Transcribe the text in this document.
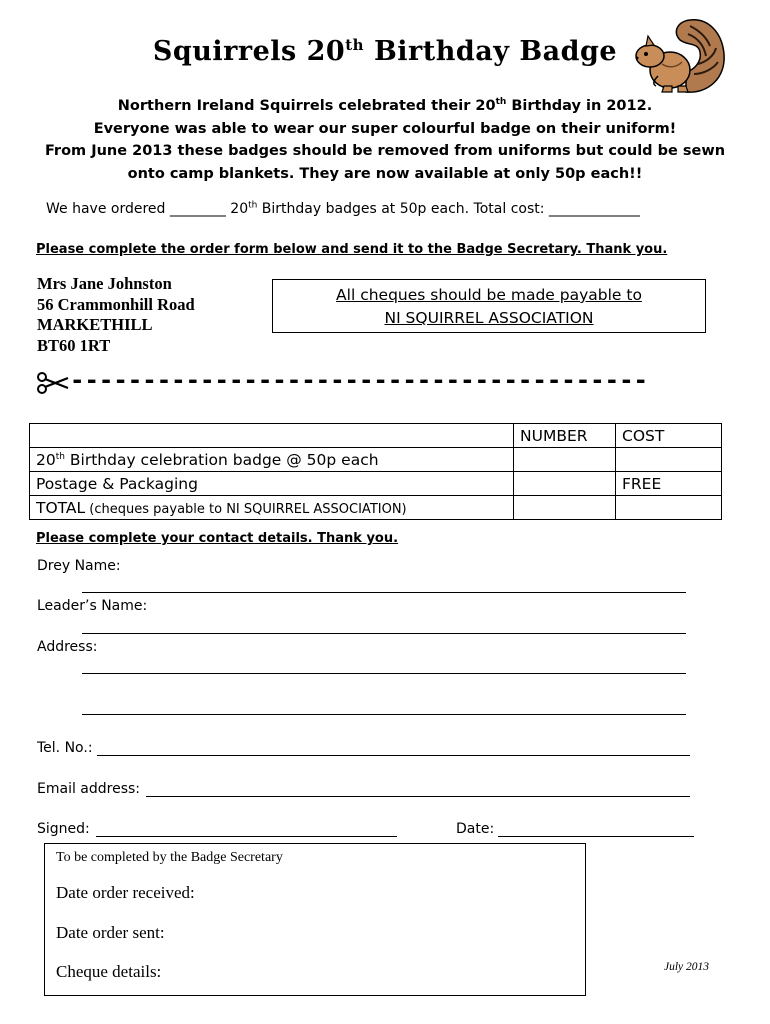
Squirrels 20th Birthday Badge
Northern Ireland Squirrels celebrated their 20th Birthday in 2012.
Everyone was able to wear our super colourful badge on their uniform!
From June 2013 these badges should be removed from uniforms but could be sewn
onto camp blankets. They are now available at only 50p each!!
We have ordered ________ 20th Birthday badges at 50p each. Total cost: _____________
Please complete the order form below and send it to the Badge Secretary. Thank you.
Mrs Jane Johnston
56 Crammonhill Road
MARKETHILL
BT60 1RT
All cheques should be made payable to
NI SQUIRREL ASSOCIATION
----------------------------------------
	NUMBER	COST
20th Birthday celebration badge @ 50p each		
Postage & Packaging		FREE
TOTAL (cheques payable to NI SQUIRREL ASSOCIATION)		
Please complete your contact details. Thank you.
Drey Name:
Leader’s Name:
Address:
Tel. No.:
Email address:
Signed:	Date:
To be completed by the Badge Secretary
Date order received:
Date order sent:
Cheque details:	July 2013
